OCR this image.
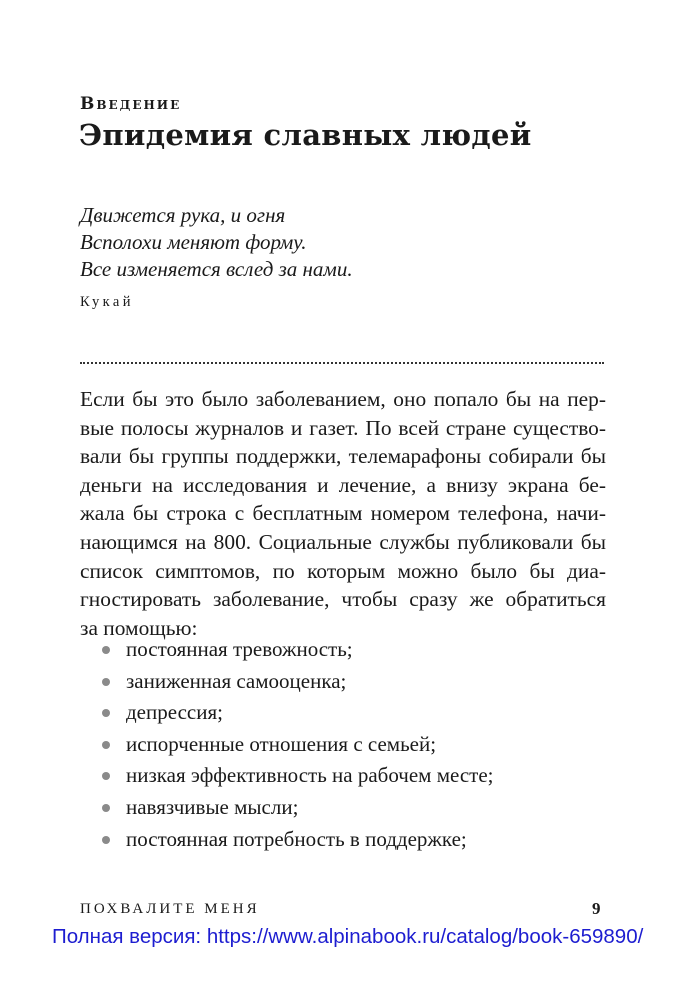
Введение
Эпидемия славных людей
Движется рука, и огня
Всполохи меняют форму.
Все изменяется вслед за нами.
Кукай
Если бы это было заболеванием, оно попало бы на пер-
вые полосы журналов и газет. По всей стране существо-
вали бы группы поддержки, телемарафоны собирали бы
деньги на исследования и лечение, а внизу экрана бе-
жала бы строка с бесплатным номером телефона, начи-
нающимся на 800. Социальные службы публиковали бы
список симптомов, по которым можно было бы диа-
гностировать заболевание, чтобы сразу же обратиться
за помощью:
постоянная тревожность;
заниженная самооценка;
депрессия;
испорченные отношения с семьей;
низкая эффективность на рабочем месте;
навязчивые мысли;
постоянная потребность в поддержке;
ПОХВАЛИТЕ МЕНЯ	9
Полная версия: https://www.alpinabook.ru/catalog/book-659890/
